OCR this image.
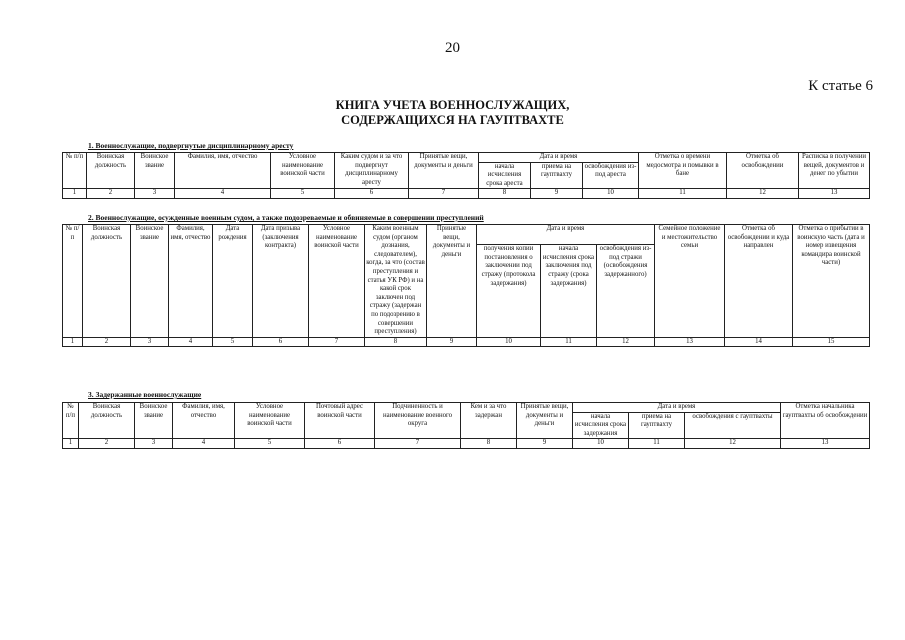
20
К статье 6
КНИГА УЧЕТА ВОЕННОСЛУЖАЩИХ,
СОДЕРЖАЩИХСЯ НА ГАУПТВАХТЕ
1. Военнослужащие, подвергнутые дисциплинарному аресту
№ п/п	Воинская должность	Воинское звание	Фамилия, имя, отчество	Условное наименование воинской части	Каким судом и за что подвергнут дисциплинарному аресту	Принятые вещи, документы и деньги	Дата и время			Отметка о времени медосмотра и помывки в бане	Отметка об освобождении	Расписка в получении вещей, документов и денег по убытии
							начала исчисления срока ареста	приема на гауптвахту	освобождения из-под ареста			
1	2	3	4	5	6	7	8	9	10	11	12	13
2. Военнослужащие, осужденные военным судом, а также подозреваемые и обвиняемые в совершении преступлений
№ п/п	Воинская должность	Воинское звание	Фамилия, имя, отчество	Дата рождения	Дата призыва (заключения контракта)	Условное наименование воинской части	Каким военным судом (органом дознания, следователем), когда, за что (состав преступления и статья УК РФ) и на какой срок заключен под стражу (задержан по подозрению в совершении преступления)	Принятые вещи, документы и деньги	Дата и время			Семейное положение и местожительство семьи	Отметка об освобождении и куда направлен	Отметка о прибытии в воинскую часть (дата и номер извещения командира воинской части)
									получения копии постановления о заключении под стражу (протокола задержания)	начала исчисления срока заключения под стражу (срока задержания)	освобождения из-под стражи (освобождения задержанного)			
1	2	3	4	5	6	7	8	9	10	11	12	13	14	15
3. Задержанные военнослужащие
№ п/п	Воинская должность	Воинское звание	Фамилия, имя, отчество	Условное наименование воинской части	Почтовый адрес воинской части	Подчиненность и наименование военного округа	Кем и за что задержан	Принятые вещи, документы и деньги	Дата и время			Отметка начальника гауптвахты об освобождении
									начала исчисления срока задержания	приема на гауптвахту	освобождения с гауптвахты	
1	2	3	4	5	6	7	8	9	10	11	12	13
